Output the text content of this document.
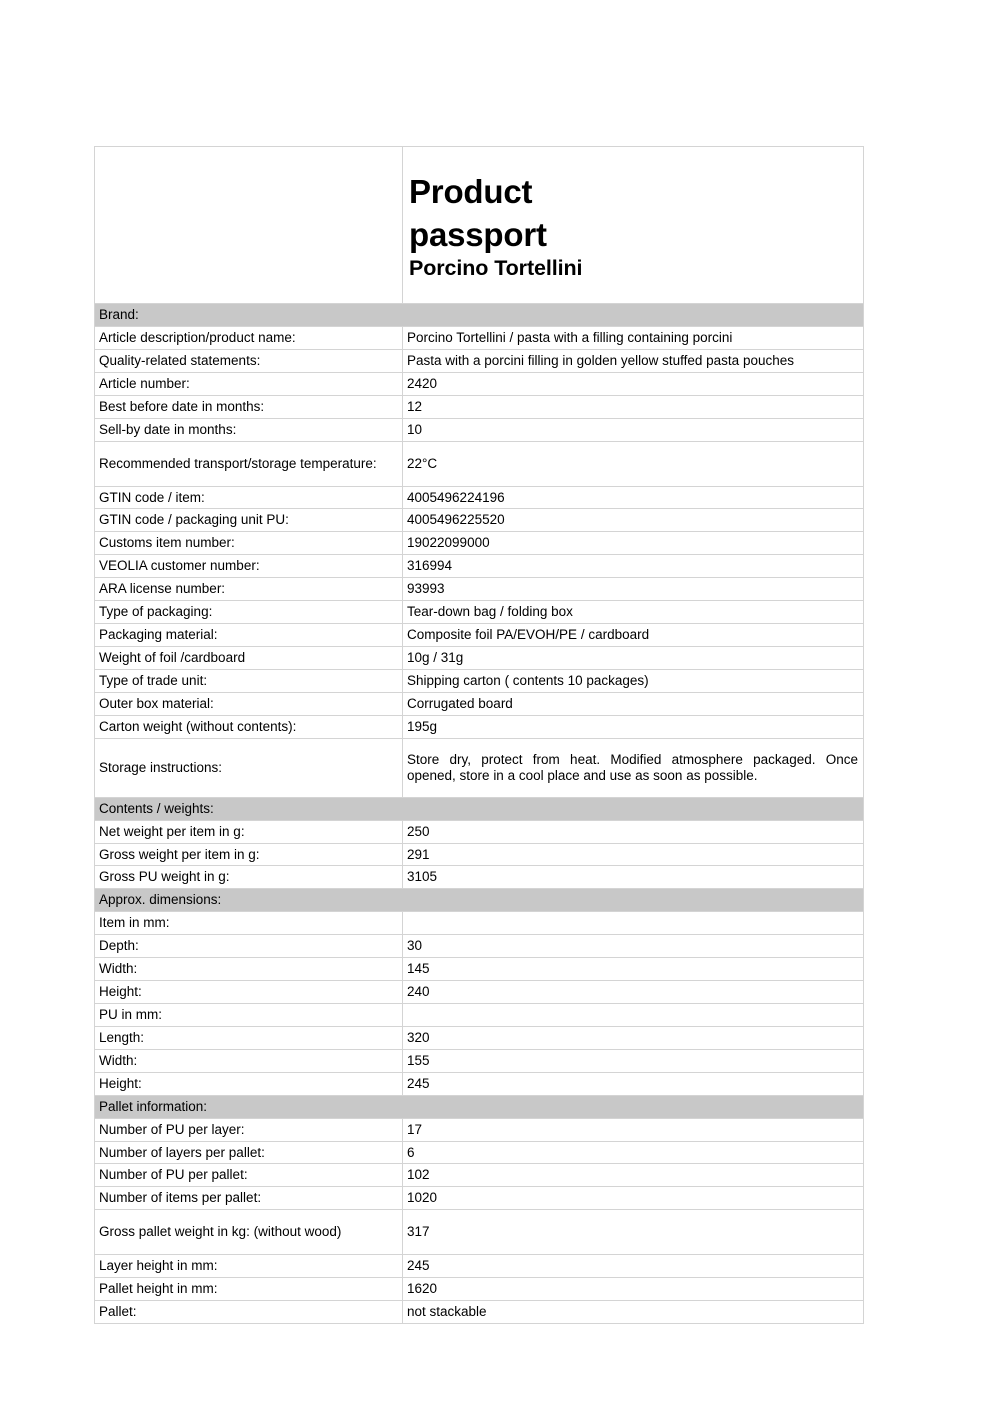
	Product
passport
Porcino Tortellini

Brand:	
Article description/product name:	Porcino Tortellini / pasta with a filling containing porcini
Quality-related statements:	Pasta with a porcini filling in golden yellow stuffed pasta pouches
Article number:	2420
Best before date in months:	12
Sell-by date in months:	10
Recommended transport/storage temperature:	22°C
GTIN code / item:	4005496224196
GTIN code / packaging unit PU:	4005496225520
Customs item number:	19022099000
VEOLIA customer number:	316994
ARA license number:	93993
Type of packaging:	Tear-down bag / folding box
Packaging material:	Composite foil PA/EVOH/PE / cardboard
Weight of foil /cardboard	10g / 31g
Type of trade unit:	Shipping carton ( contents 10 packages)
Outer box material:	Corrugated board
Carton weight (without contents):	195g
Storage instructions:	Store dry, protect from heat. Modified atmosphere packaged. Once opened, store in a cool place and use as soon as possible.
Contents / weights:	
Net weight per item in g:	250
Gross weight per item in g:	291
Gross PU weight in g:	3105
Approx. dimensions:	
Item in mm:	
Depth:	30
Width:	145
Height:	240
PU in mm:	
Length:	320
Width:	155
Height:	245
Pallet information:	
Number of PU per layer:	17
Number of layers per pallet:	6
Number of PU per pallet:	102
Number of items per pallet:	1020
Gross pallet weight in kg: (without wood)	317
Layer height in mm:	245
Pallet height in mm:	1620
Pallet:	not stackable
